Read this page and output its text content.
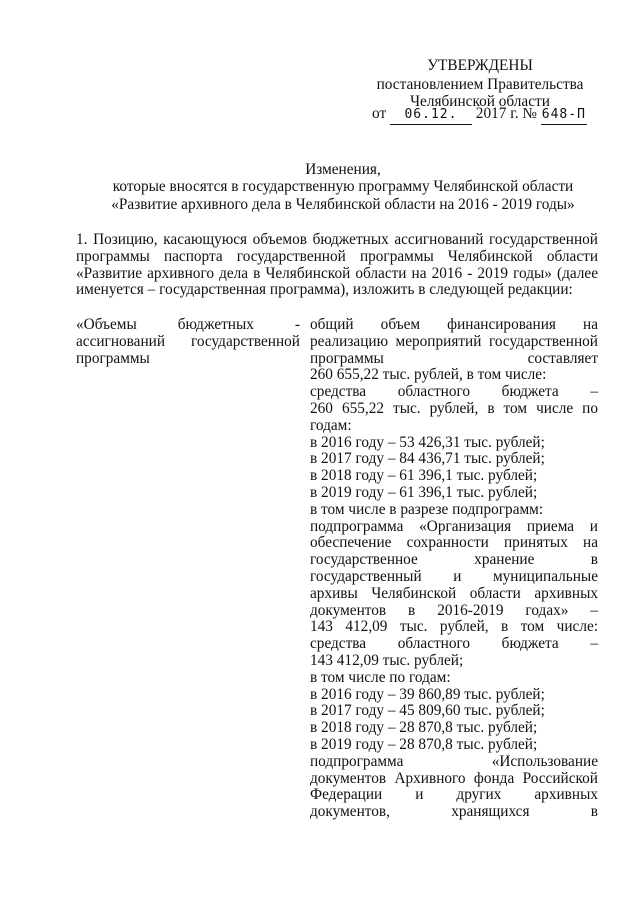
УТВЕРЖДЕНЫ
постановлением Правительства
Челябинской области
от 06.12. 2017 г. № 648-П
Изменения,
которые вносятся в государственную программу Челябинской области
«Развитие архивного дела в Челябинской области на 2016 - 2019 годы»
1. Позицию, касающуюся объемов бюджетных ассигнований государственной программы паспорта государственной программы Челябинской области «Развитие архивного дела в Челябинской области на 2016 - 2019 годы» (далее именуется – государственная программа), изложить в следующей редакции:
«Объемы бюджетных - ассигнований государственной программы
общий объем финансирования на
реализацию мероприятий государственной
программы составляет
260 655,22 тыс. рублей, в том числе:
средства областного бюджета –
260 655,22 тыс. рублей, в том числе по
годам:
в 2016 году – 53 426,31 тыс. рублей;
в 2017 году – 84 436,71 тыс. рублей;
в 2018 году – 61 396,1 тыс. рублей;
в 2019 году – 61 396,1 тыс. рублей;
в том числе в разрезе подпрограмм:
подпрограмма «Организация приема и
обеспечение сохранности принятых на
государственное хранение в
государственный и муниципальные
архивы Челябинской области архивных
документов в 2016-2019 годах» –
143 412,09 тыс. рублей, в том числе:
средства областного бюджета –
143 412,09 тыс. рублей;
в том числе по годам:
в 2016 году – 39 860,89 тыс. рублей;
в 2017 году – 45 809,60 тыс. рублей;
в 2018 году – 28 870,8 тыс. рублей;
в 2019 году – 28 870,8 тыс. рублей;
подпрограмма «Использование
документов Архивного фонда Российской
Федерации и других архивных
документов, хранящихся в
